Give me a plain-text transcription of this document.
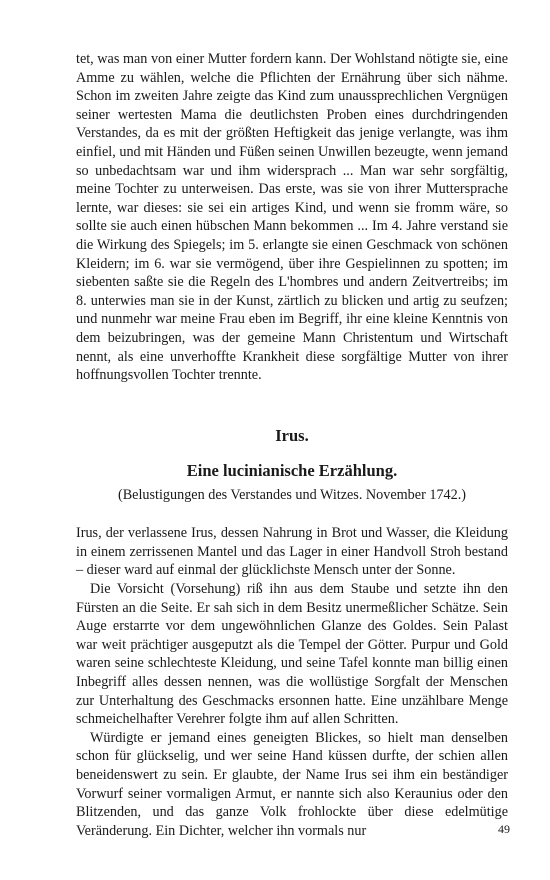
tet, was man von einer Mutter fordern kann. Der Wohlstand nötigte sie, eine Amme zu wählen, welche die Pflichten der Ernährung über sich nähme. Schon im zweiten Jahre zeigte das Kind zum unaussprechlichen Vergnügen seiner wertesten Mama die deutlichsten Proben eines durchdringenden Verstandes, da es mit der größten Heftigkeit das jenige verlangte, was ihm einfiel, und mit Händen und Füßen seinen Unwillen bezeugte, wenn jemand so unbedachtsam war und ihm widersprach ... Man war sehr sorgfältig, meine Tochter zu unterweisen. Das erste, was sie von ihrer Muttersprache lernte, war dieses: sie sei ein artiges Kind, und wenn sie fromm wäre, so sollte sie auch einen hübschen Mann bekommen ... Im 4. Jahre verstand sie die Wirkung des Spiegels; im 5. erlangte sie einen Geschmack von schönen Kleidern; im 6. war sie vermögend, über ihre Gespielinnen zu spotten; im siebenten saßte sie die Regeln des L'hombres und andern Zeitvertreibs; im 8. unterwies man sie in der Kunst, zärtlich zu blicken und artig zu seufzen; und nunmehr war meine Frau eben im Begriff, ihr eine kleine Kenntnis von dem beizubringen, was der gemeine Mann Christentum und Wirtschaft nennt, als eine unverhoffte Krankheit diese sorgfältige Mutter von ihrer hoffnungsvollen Tochter trennte.

Irus.
Eine lucinianische Erzählung.
(Belustigungen des Verstandes und Witzes. November 1742.)

Irus, der verlassene Irus, dessen Nahrung in Brot und Wasser, die Kleidung in einem zerrissenen Mantel und das Lager in einer Handvoll Stroh bestand – dieser ward auf einmal der glücklichste Mensch unter der Sonne.

Die Vorsicht (Vorsehung) riß ihn aus dem Staube und setzte ihn den Fürsten an die Seite. Er sah sich in dem Besitz unermeßlicher Schätze. Sein Auge erstarrte vor dem ungewöhnlichen Glanze des Goldes. Sein Palast war weit prächtiger ausgeputzt als die Tempel der Götter. Purpur und Gold waren seine schlechteste Kleidung, und seine Tafel konnte man billig einen Inbegriff alles dessen nennen, was die wollüstige Sorgfalt der Menschen zur Unterhaltung des Geschmacks ersonnen hatte. Eine unzählbare Menge schmeichelhafter Verehrer folgte ihm auf allen Schritten.

Würdigte er jemand eines geneigten Blickes, so hielt man denselben schon für glückselig, und wer seine Hand küssen durfte, der schien allen beneidenswert zu sein. Er glaubte, der Name Irus sei ihm ein beständiger Vorwurf seiner vormaligen Armut, er nannte sich also Keraunius oder den Blitzenden, und das ganze Volk frohlockte über diese edelmütige Veränderung. Ein Dichter, welcher ihn vormals nur	49
